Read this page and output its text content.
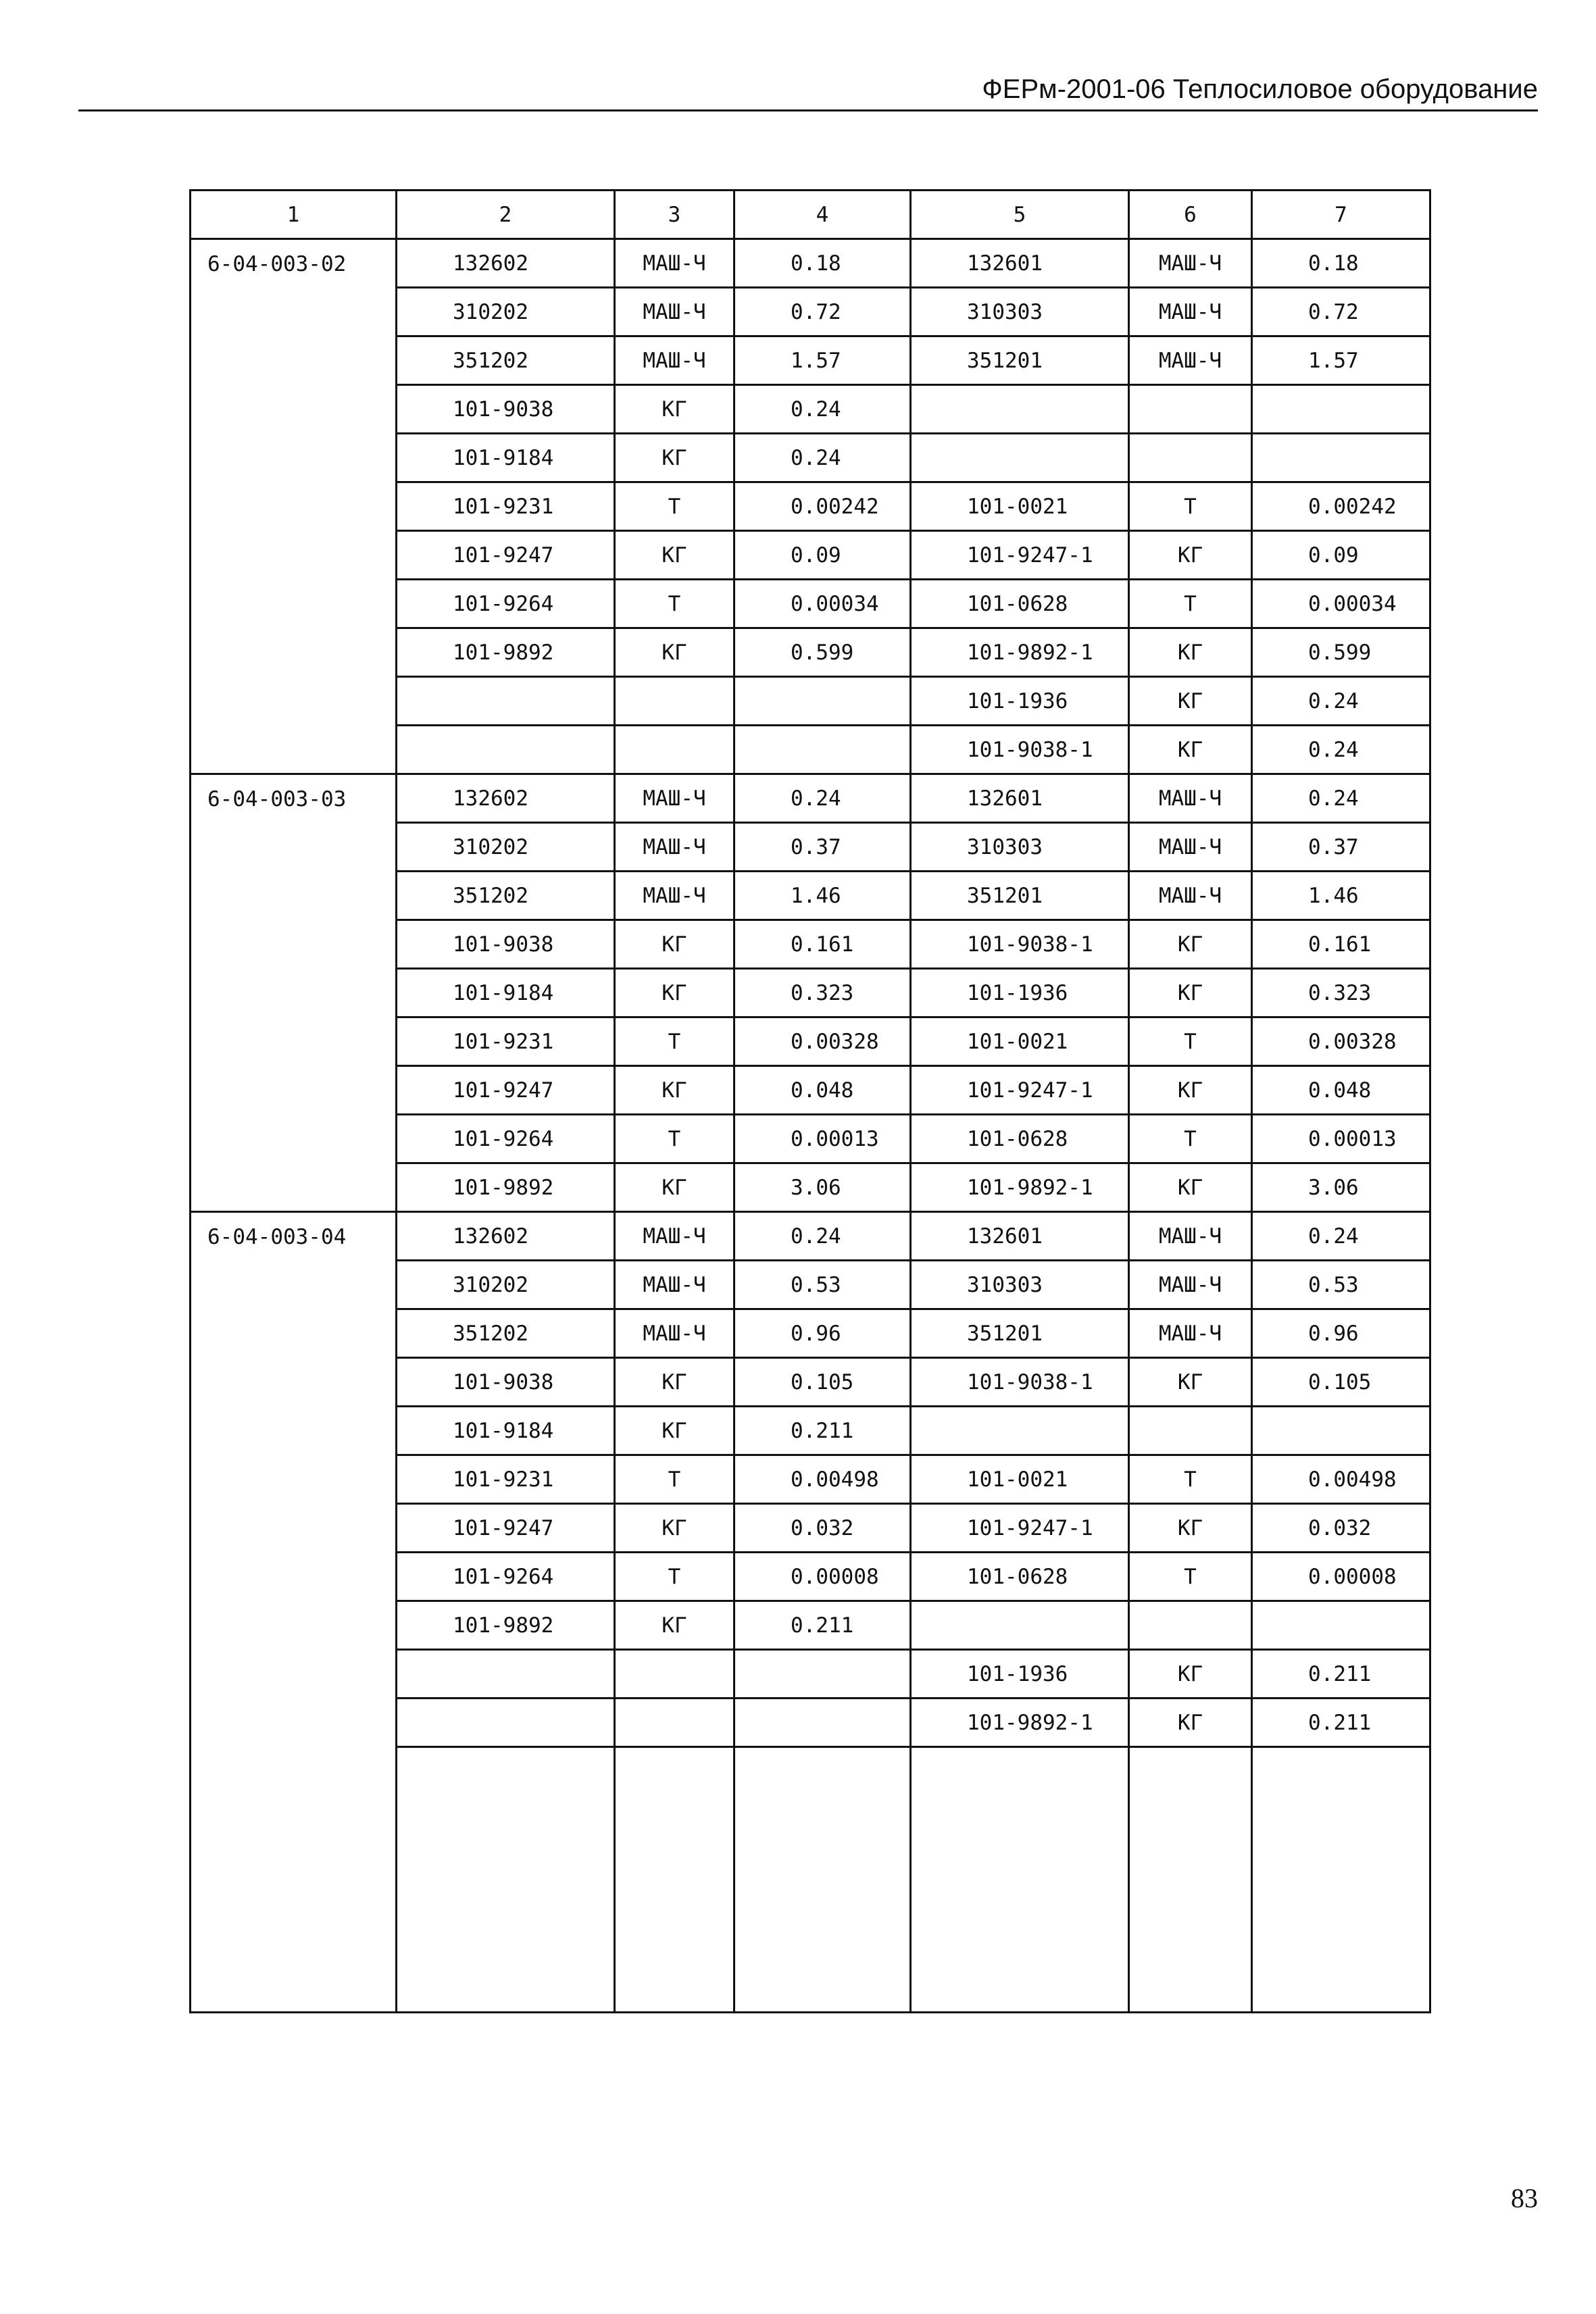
ФЕРм-2001-06 Теплосиловое оборудование
1	2	3	4	5	6	7
6-04-003-02	132602	МАШ-Ч	0.18	132601	МАШ-Ч	0.18
	310202	МАШ-Ч	0.72	310303	МАШ-Ч	0.72
	351202	МАШ-Ч	1.57	351201	МАШ-Ч	1.57
	101-9038	КГ	0.24			
	101-9184	КГ	0.24			
	101-9231	Т	0.00242	101-0021	Т	0.00242
	101-9247	КГ	0.09	101-9247-1	КГ	0.09
	101-9264	Т	0.00034	101-0628	Т	0.00034
	101-9892	КГ	0.599	101-9892-1	КГ	0.599
				101-1936	КГ	0.24
				101-9038-1	КГ	0.24
6-04-003-03	132602	МАШ-Ч	0.24	132601	МАШ-Ч	0.24
	310202	МАШ-Ч	0.37	310303	МАШ-Ч	0.37
	351202	МАШ-Ч	1.46	351201	МАШ-Ч	1.46
	101-9038	КГ	0.161	101-9038-1	КГ	0.161
	101-9184	КГ	0.323	101-1936	КГ	0.323
	101-9231	Т	0.00328	101-0021	Т	0.00328
	101-9247	КГ	0.048	101-9247-1	КГ	0.048
	101-9264	Т	0.00013	101-0628	Т	0.00013
	101-9892	КГ	3.06	101-9892-1	КГ	3.06
6-04-003-04	132602	МАШ-Ч	0.24	132601	МАШ-Ч	0.24
	310202	МАШ-Ч	0.53	310303	МАШ-Ч	0.53
	351202	МАШ-Ч	0.96	351201	МАШ-Ч	0.96
	101-9038	КГ	0.105	101-9038-1	КГ	0.105
	101-9184	КГ	0.211			
	101-9231	Т	0.00498	101-0021	Т	0.00498
	101-9247	КГ	0.032	101-9247-1	КГ	0.032
	101-9264	Т	0.00008	101-0628	Т	0.00008
	101-9892	КГ	0.211			
				101-1936	КГ	0.211
				101-9892-1	КГ	0.211

83
